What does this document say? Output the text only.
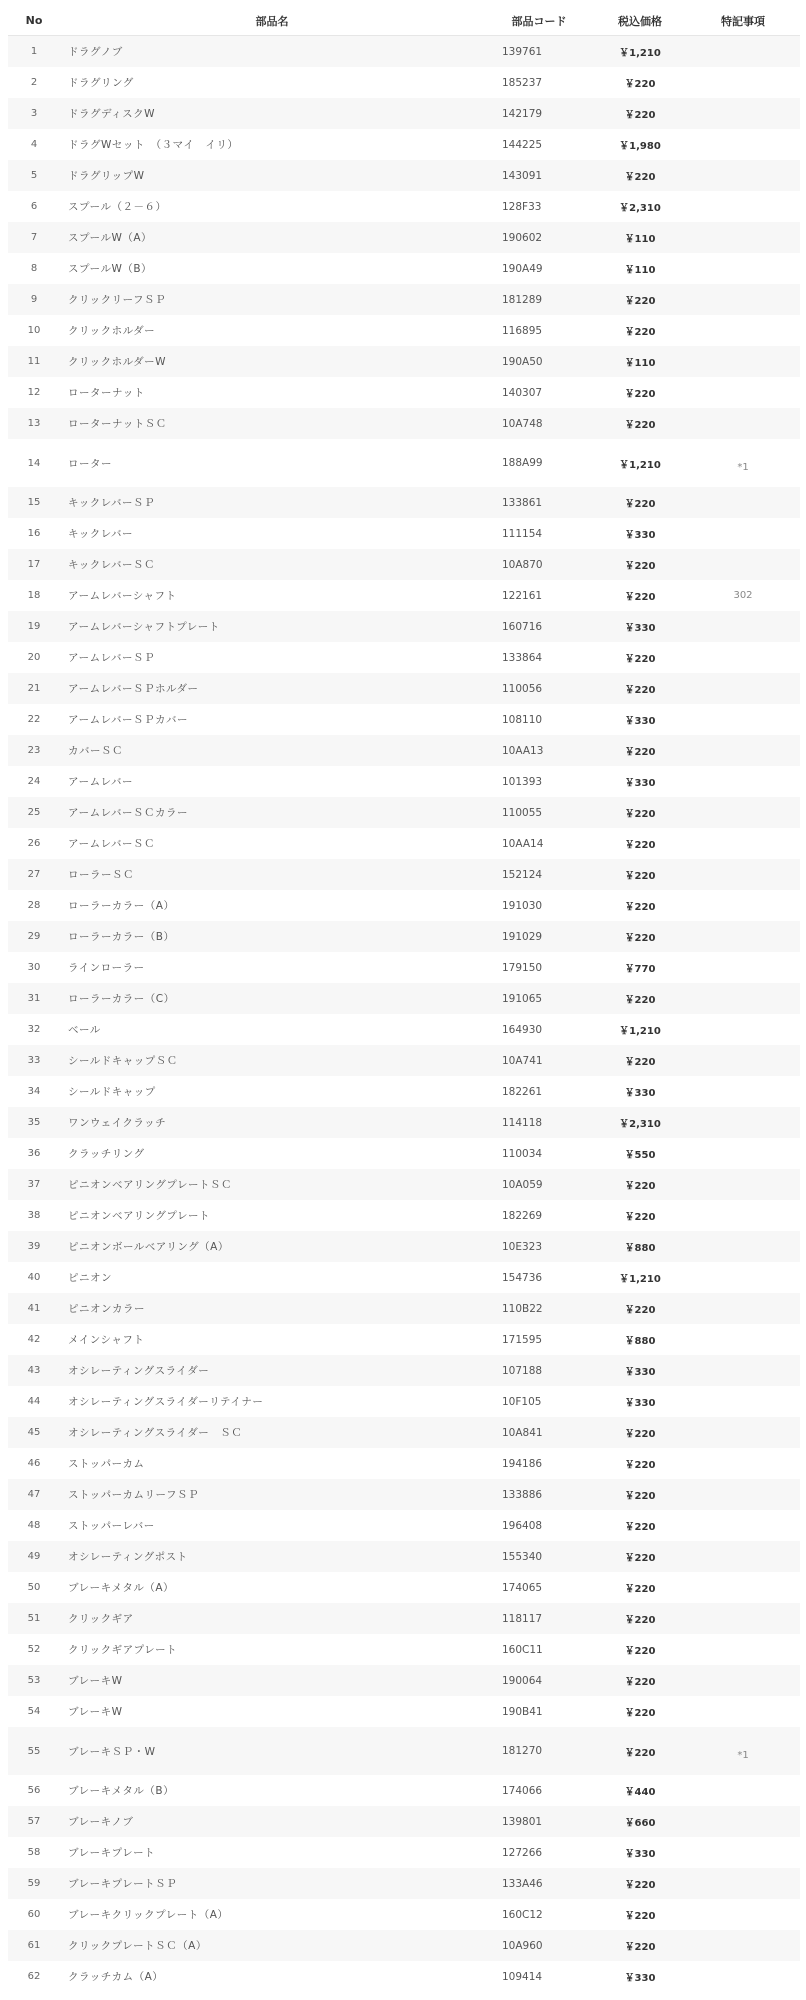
No	部品名	部品コード	税込価格	特記事項
1	ドラグノブ	139761	￥1,210	
2	ドラグリング	185237	￥220	
3	ドラグディスクW	142179	￥220	
4	ドラグWセット　（３マイ　イリ）	144225	￥1,980	
5	ドラグリップW	143091	￥220	
6	スプール（２－６）	128F33	￥2,310	
7	スプールW（A）	190602	￥110	
8	スプールW（B）	190A49	￥110	
9	クリックリーフＳＰ	181289	￥220	
10	クリックホルダー	116895	￥220	
11	クリックホルダーW	190A50	￥110	
12	ローターナット	140307	￥220	
13	ローターナットＳＣ	10A748	￥220	
14	ローター	188A99	￥1,210	*1
15	キックレバーＳＰ	133861	￥220	
16	キックレバー	111154	￥330	
17	キックレバーＳＣ	10A870	￥220	
18	アームレバーシャフト	122161	￥220	302
19	アームレバーシャフトプレート	160716	￥330	
20	アームレバーＳＰ	133864	￥220	
21	アームレバーＳＰホルダー	110056	￥220	
22	アームレバーＳＰカバー	108110	￥330	
23	カバーＳＣ	10AA13	￥220	
24	アームレバー	101393	￥330	
25	アームレバーＳＣカラー	110055	￥220	
26	アームレバーＳＣ	10AA14	￥220	
27	ローラーＳＣ	152124	￥220	
28	ローラーカラー（A）	191030	￥220	
29	ローラーカラー（B）	191029	￥220	
30	ラインローラー	179150	￥770	
31	ローラーカラー（C）	191065	￥220	
32	ベール	164930	￥1,210	
33	シールドキャップＳＣ	10A741	￥220	
34	シールドキャップ	182261	￥330	
35	ワンウェイクラッチ	114118	￥2,310	
36	クラッチリング	110034	￥550	
37	ピニオンベアリングプレートＳＣ	10A059	￥220	
38	ピニオンベアリングプレート	182269	￥220	
39	ピニオンボールベアリング（A）	10E323	￥880	
40	ピニオン	154736	￥1,210	
41	ピニオンカラー	110B22	￥220	
42	メインシャフト	171595	￥880	
43	オシレーティングスライダー	107188	￥330	
44	オシレーティングスライダーリテイナー	10F105	￥330	
45	オシレーティングスライダー　ＳＣ	10A841	￥220	
46	ストッパーカム	194186	￥220	
47	ストッパーカムリーフＳＰ	133886	￥220	
48	ストッパーレバー	196408	￥220	
49	オシレーティングポスト	155340	￥220	
50	ブレーキメタル（A）	174065	￥220	
51	クリックギア	118117	￥220	
52	クリックギアプレート	160C11	￥220	
53	ブレーキW	190064	￥220	
54	ブレーキW	190B41	￥220	
55	ブレーキＳＰ・W	181270	￥220	*1
56	ブレーキメタル（B）	174066	￥440	
57	ブレーキノブ	139801	￥660	
58	ブレーキプレート	127266	￥330	
59	ブレーキプレートＳＰ	133A46	￥220	
60	ブレーキクリックプレート（A）	160C12	￥220	
61	クリックプレートＳＣ（A）	10A960	￥220	
62	クラッチカム（A）	109414	￥330	
